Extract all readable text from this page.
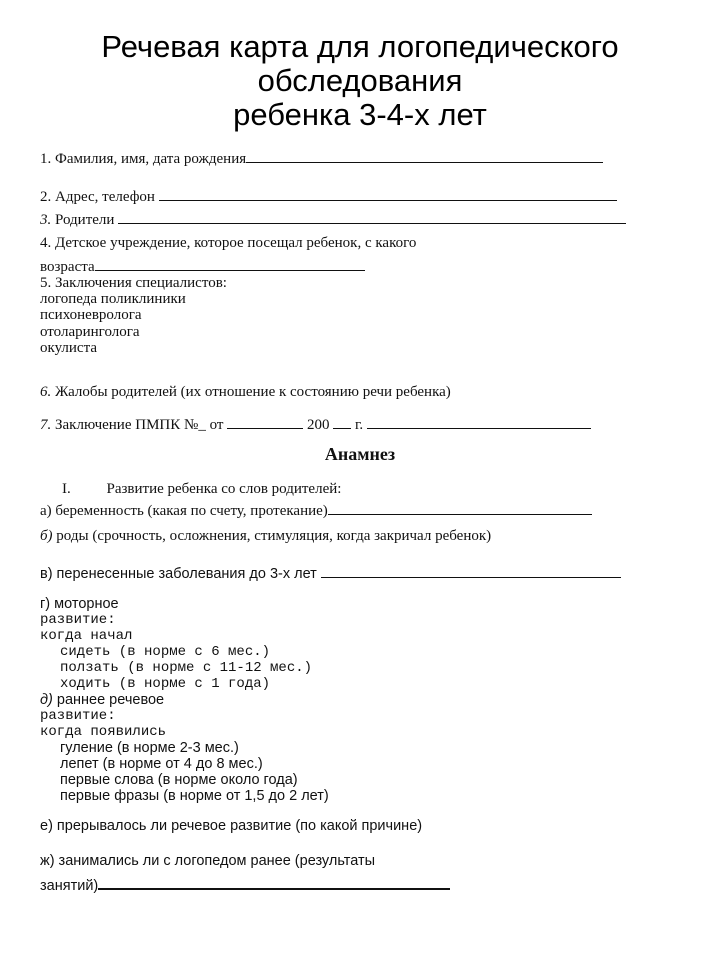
Речевая карта для логопедического
обследования
ребенка 3-4-х лет
1. Фамилия, имя, дата рождения
2. Адрес, телефон
3. Родители
4. Детское учреждение, которое посещал ребенок, с какого
возраста
5. Заключения специалистов:
логопеда поликлиники
психоневролога
отоларинголога
окулиста
6. Жалобы родителей (их отношение к состоянию речи ребенка)
7. Заключение ПМПК №_ от	200 г.
Анамнез
I. Развитие ребенка со слов родителей:
а) беременность (какая по счету, протекание)
б) роды (срочность, осложнения, стимуляция, когда закричал ребенок)
в) перенесенные заболевания до 3-х лет
г) моторное
развитие:
когда начал
сидеть (в норме с 6 мес.)
ползать (в норме с 11-12 мес.)
ходить (в норме с 1 года)
д) раннее речевое
развитие:
когда появились
гуление (в норме 2-3 мес.)
лепет (в норме от 4 до 8 мес.)
первые слова (в норме около года)
первые фразы (в норме от 1,5 до 2 лет)
е) прерывалось ли речевое развитие (по какой причине)
ж) занимались ли с логопедом ранее (результаты
занятий)
